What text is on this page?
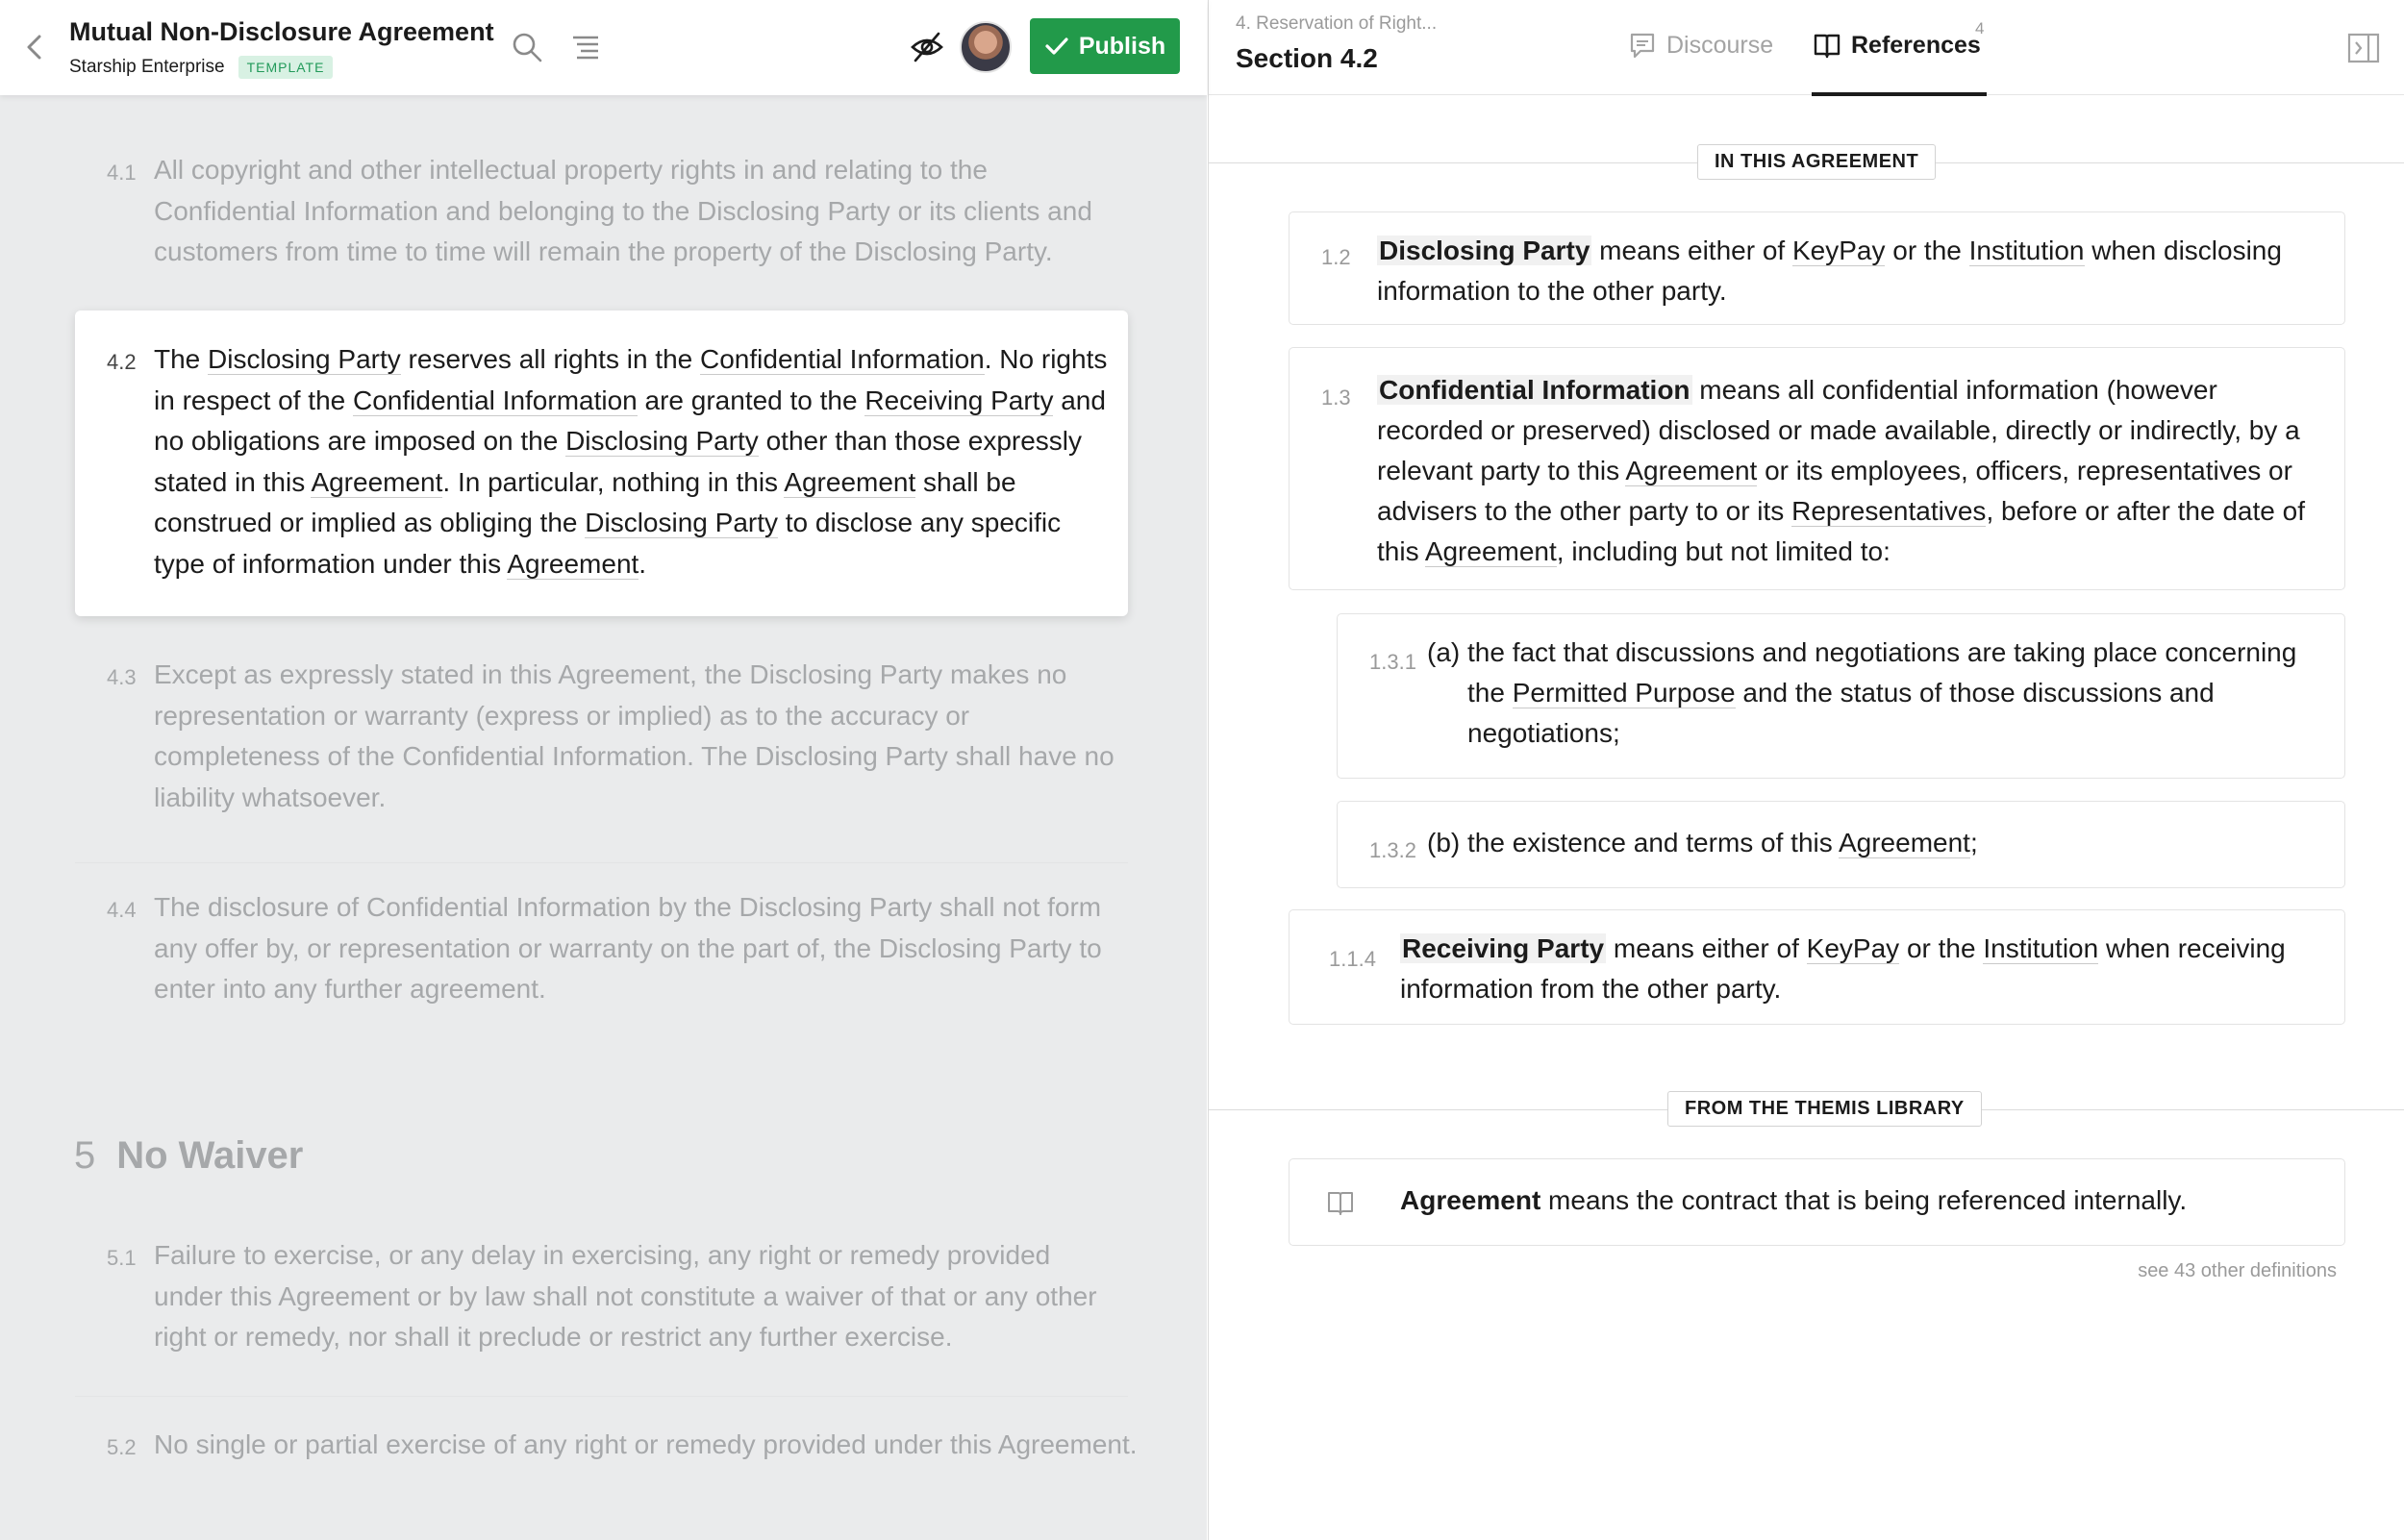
Mutual Non-Disclosure Agreement
Starship Enterprise	TEMPLATE
Publish
4.1 All copyright and other intellectual property rights in and relating to the Confidential Information and belonging to the Disclosing Party or its clients and customers from time to time will remain the property of the Disclosing Party.
4.2 The Disclosing Party reserves all rights in the Confidential Information. No rights in respect of the Confidential Information are granted to the Receiving Party and no obligations are imposed on the Disclosing Party other than those expressly stated in this Agreement. In particular, nothing in this Agreement shall be construed or implied as obliging the Disclosing Party to disclose any specific type of information under this Agreement.
4.3 Except as expressly stated in this Agreement, the Disclosing Party makes no representation or warranty (express or implied) as to the accuracy or completeness of the Confidential Information. The Disclosing Party shall have no liability whatsoever.
4.4 The disclosure of Confidential Information by the Disclosing Party shall not form any offer by, or representation or warranty on the part of, the Disclosing Party to enter into any further agreement.
5 No Waiver
5.1 Failure to exercise, or any delay in exercising, any right or remedy provided under this Agreement or by law shall not constitute a waiver of that or any other right or remedy, nor shall it preclude or restrict any further exercise.
5.2 No single or partial exercise of any right or remedy provided under this Agreement.
4. Reservation of Right...
Section 4.2	Discourse	References
4
IN THIS AGREEMENT
1.2 Disclosing Party means either of KeyPay or the Institution when disclosing information to the other party.
1.3 Confidential Information means all confidential information (however recorded or preserved) disclosed or made available, directly or indirectly, by a relevant party to this Agreement or its employees, officers, representatives or advisers to the other party to or its Representatives, before or after the date of this Agreement, including but not limited to:
1.3.1 (a) the fact that discussions and negotiations are taking place concerning the Permitted Purpose and the status of those discussions and negotiations;
1.3.2 (b) the existence and terms of this Agreement;
1.1.4 Receiving Party means either of KeyPay or the Institution when receiving information from the other party.
FROM THE THEMIS LIBRARY
Agreement means the contract that is being referenced internally.
see 43 other definitions
